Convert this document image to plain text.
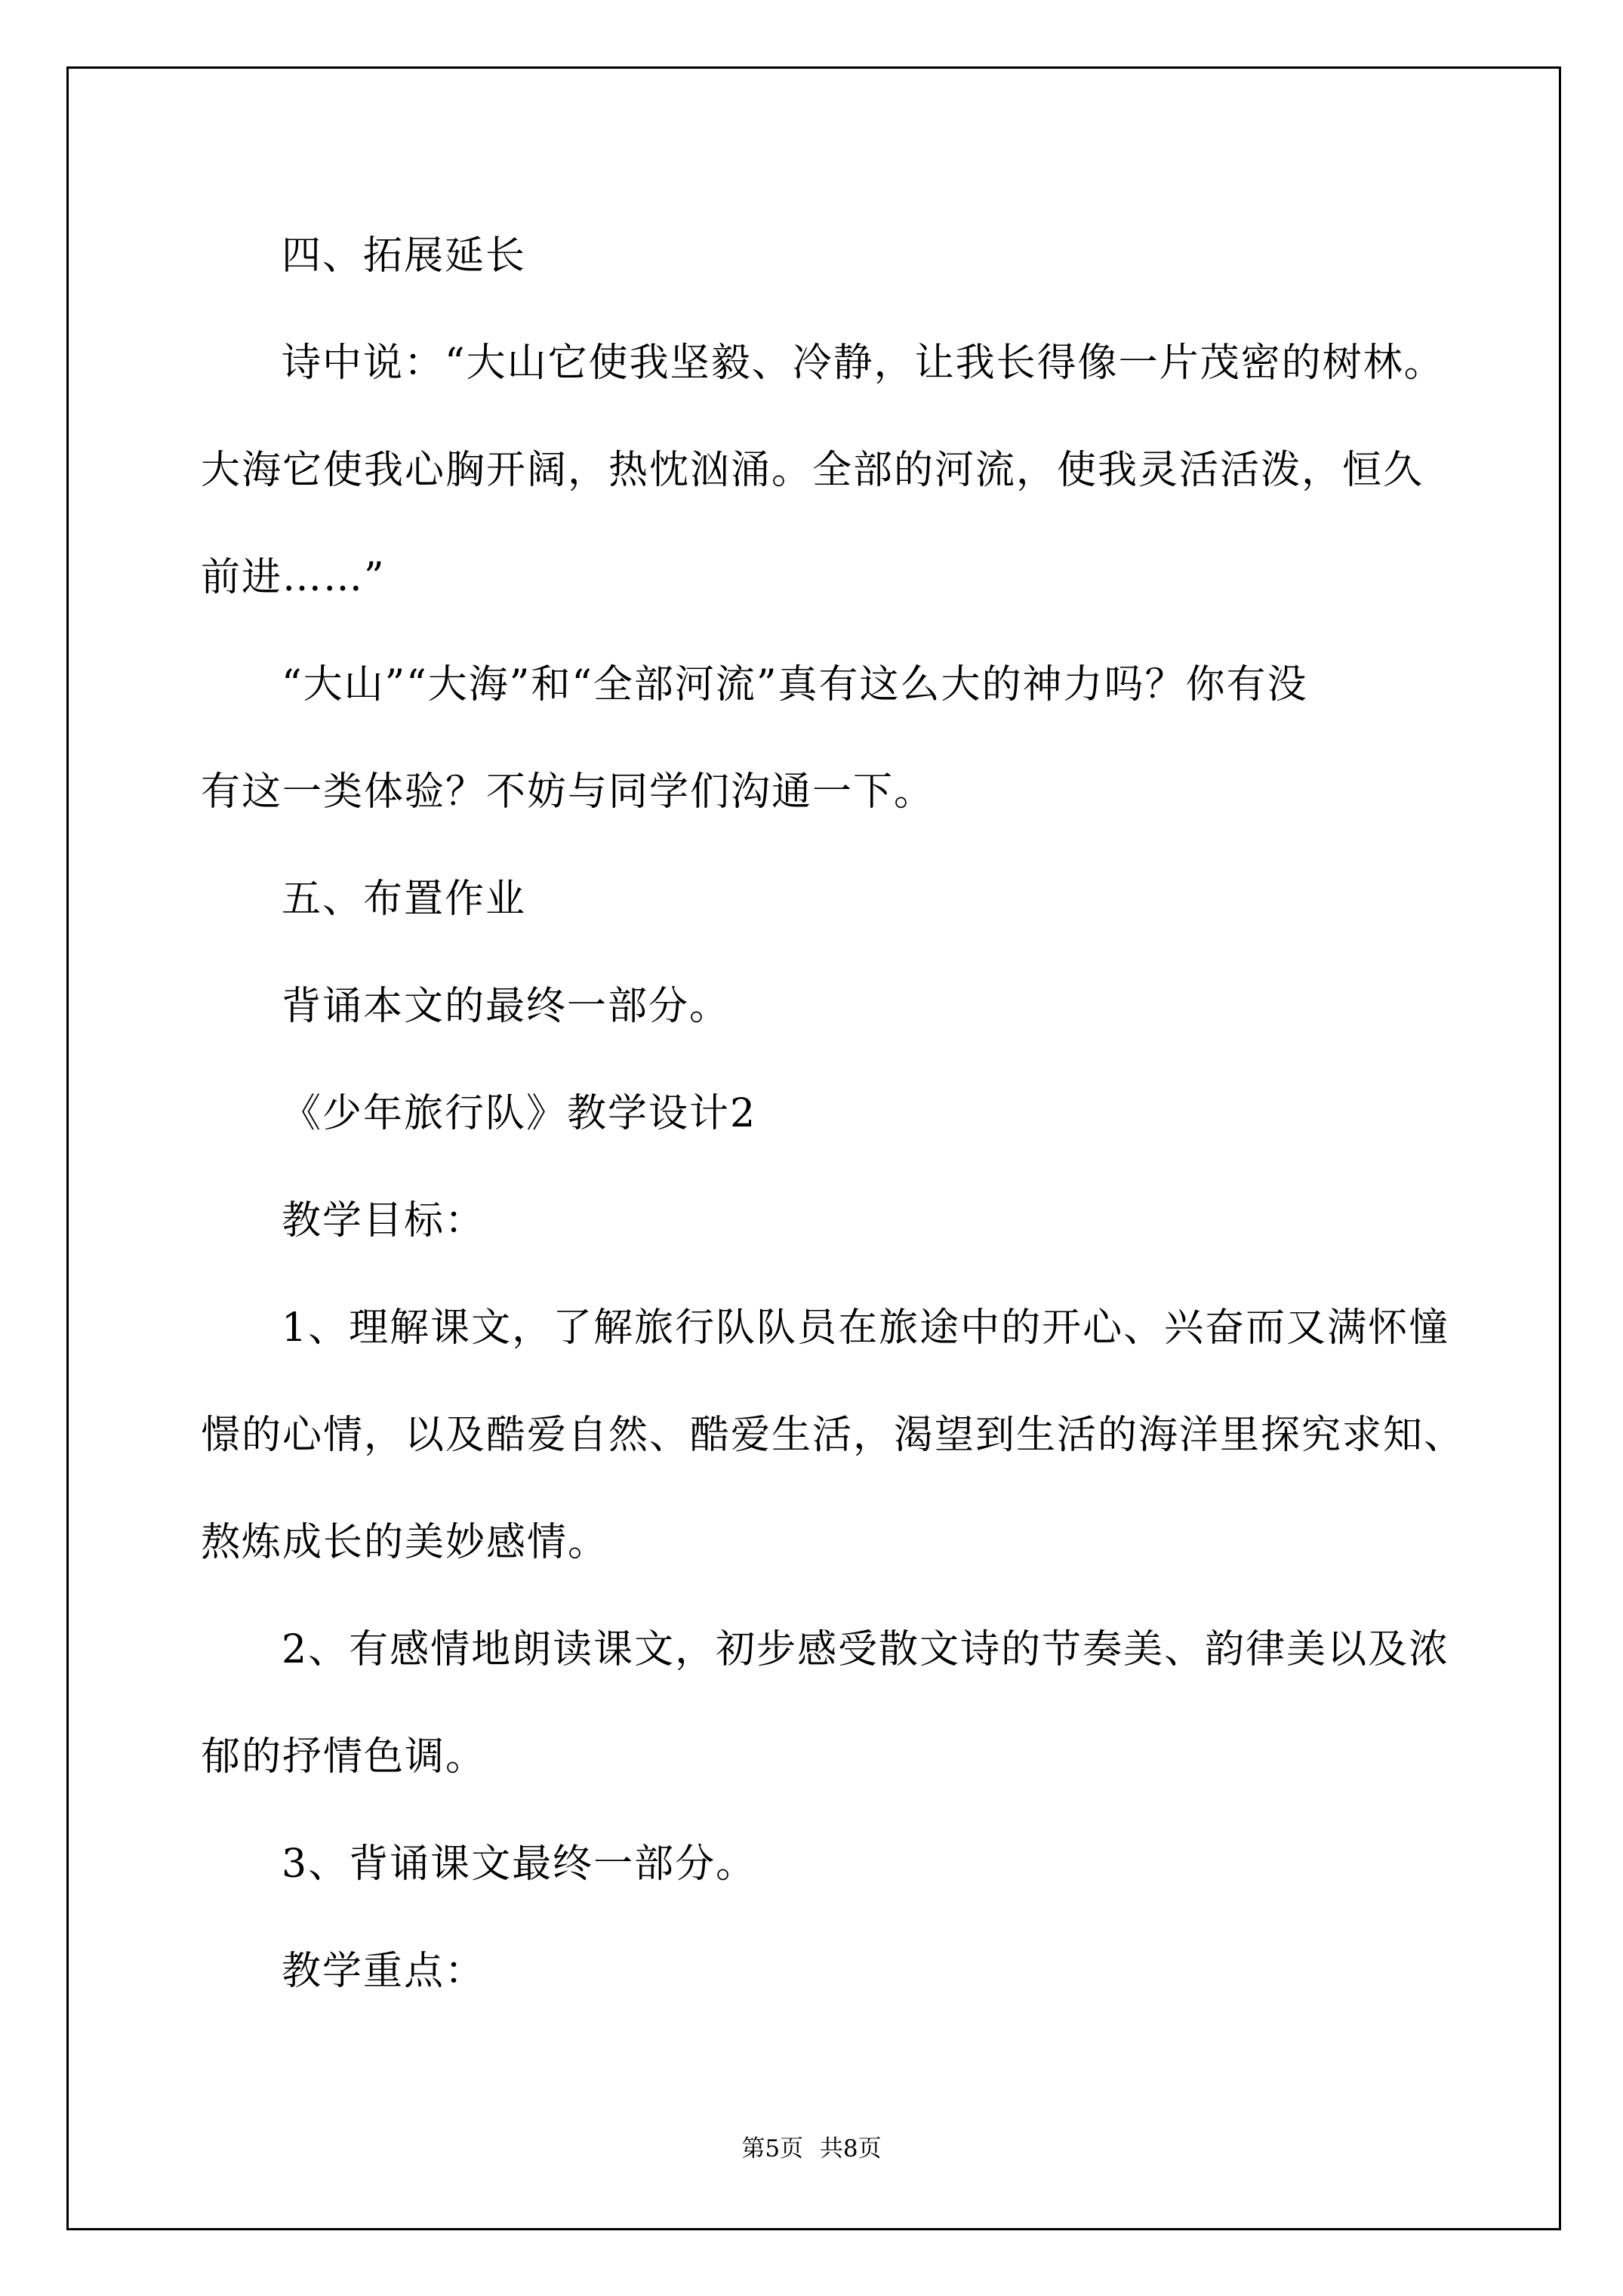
四、拓展延长
诗中说：“大山它使我坚毅、冷静，让我长得像一片茂密的树林。
大海它使我心胸开阔，热忱汹涌。全部的河流，使我灵活活泼，恒久
前进……”
“大山”“大海”和“全部河流”真有这么大的神力吗？你有没
有这一类体验？不妨与同学们沟通一下。
五、布置作业
背诵本文的最终一部分。
《少年旅行队》教学设计2
教学目标：
1、理解课文，了解旅行队队员在旅途中的开心、兴奋而又满怀憧
憬的心情，以及酷爱自然、酷爱生活，渴望到生活的海洋里探究求知、
熬炼成长的美妙感情。
2、有感情地朗读课文，初步感受散文诗的节奏美、韵律美以及浓
郁的抒情色调。
3、背诵课文最终一部分。
教学重点：
第5页 共8页
